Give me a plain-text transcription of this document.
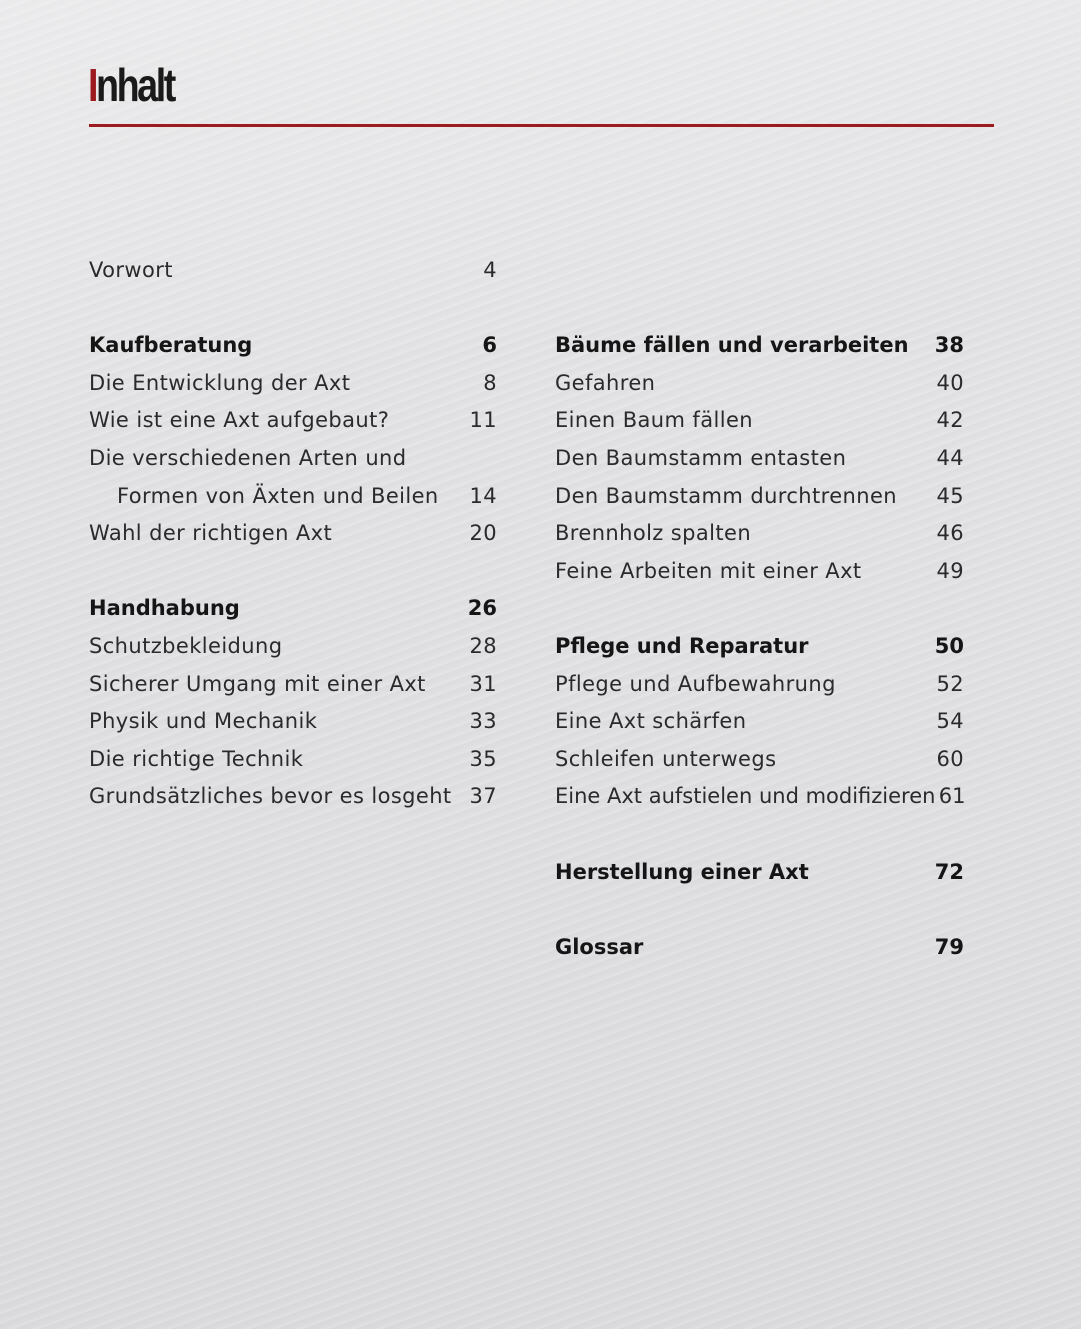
Inhalt
Vorwort	4
Kaufberatung	6
Die Entwicklung der Axt	8
Wie ist eine Axt aufgebaut?	11
Die verschiedenen Arten und
Formen von Äxten und Beilen	14
Wahl der richtigen Axt	20
Handhabung	26
Schutzbekleidung	28
Sicherer Umgang mit einer Axt	31
Physik und Mechanik	33
Die richtige Technik	35
Grundsätzliches bevor es losgeht 37
Bäume fällen und verarbeiten	38
Gefahren	40
Einen Baum fällen	42
Den Baumstamm entasten	44
Den Baumstamm durchtrennen	45
Brennholz spalten	46
Feine Arbeiten mit einer Axt	49
Pflege und Reparatur	50
Pflege und Aufbewahrung	52
Eine Axt schärfen	54
Schleifen unterwegs	60
Eine Axt aufstielen und modifizieren 61
Herstellung einer Axt	72
Glossar	79
